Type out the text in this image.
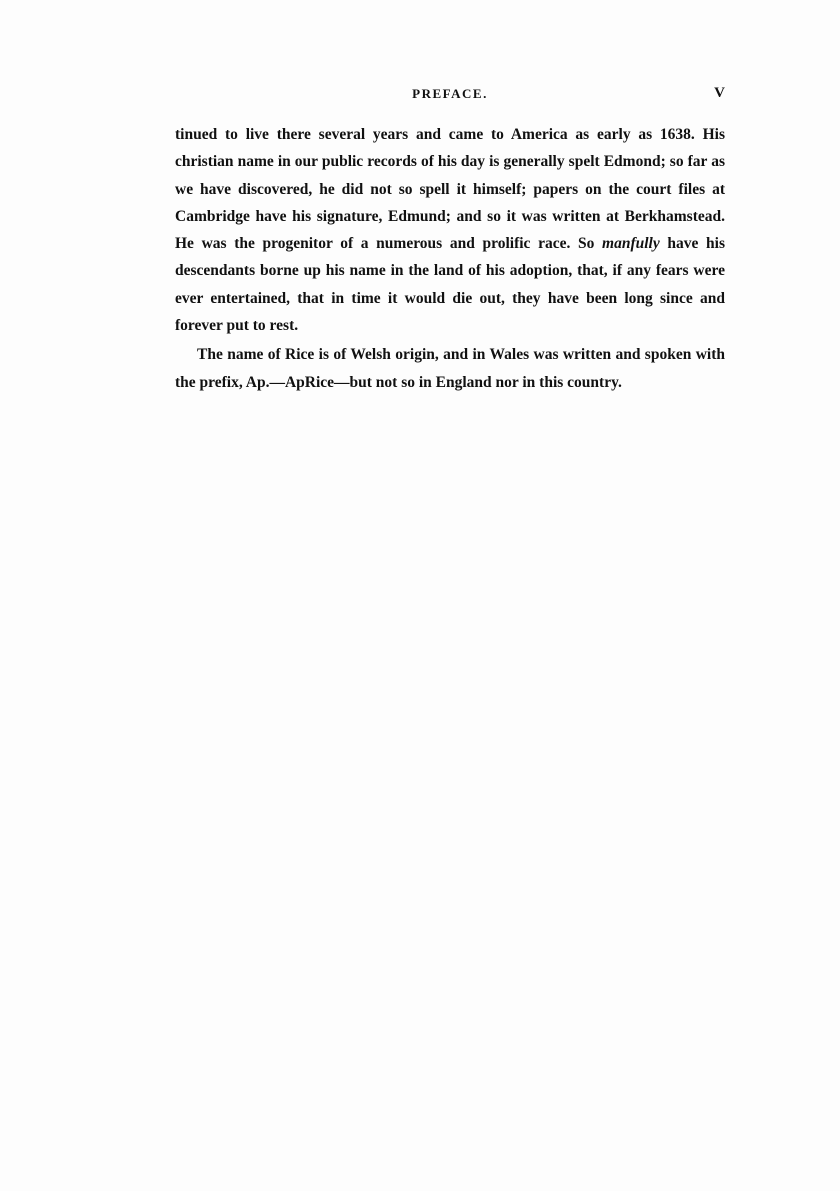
PREFACE.	V

tinued to live there several years and came to America as early as 1638. His christian name in our public records of his day is generally spelt Edmond; so far as we have discovered, he did not so spell it himself; papers on the court files at Cambridge have his signature, Edmund; and so it was written at Berkhamstead. He was the progenitor of a numerous and prolific race. So manfully have his descendants borne up his name in the land of his adoption, that, if any fears were ever entertained, that in time it would die out, they have been long since and forever put to rest.

The name of Rice is of Welsh origin, and in Wales was written and spoken with the prefix, Ap.—ApRice—but not so in England nor in this country.
